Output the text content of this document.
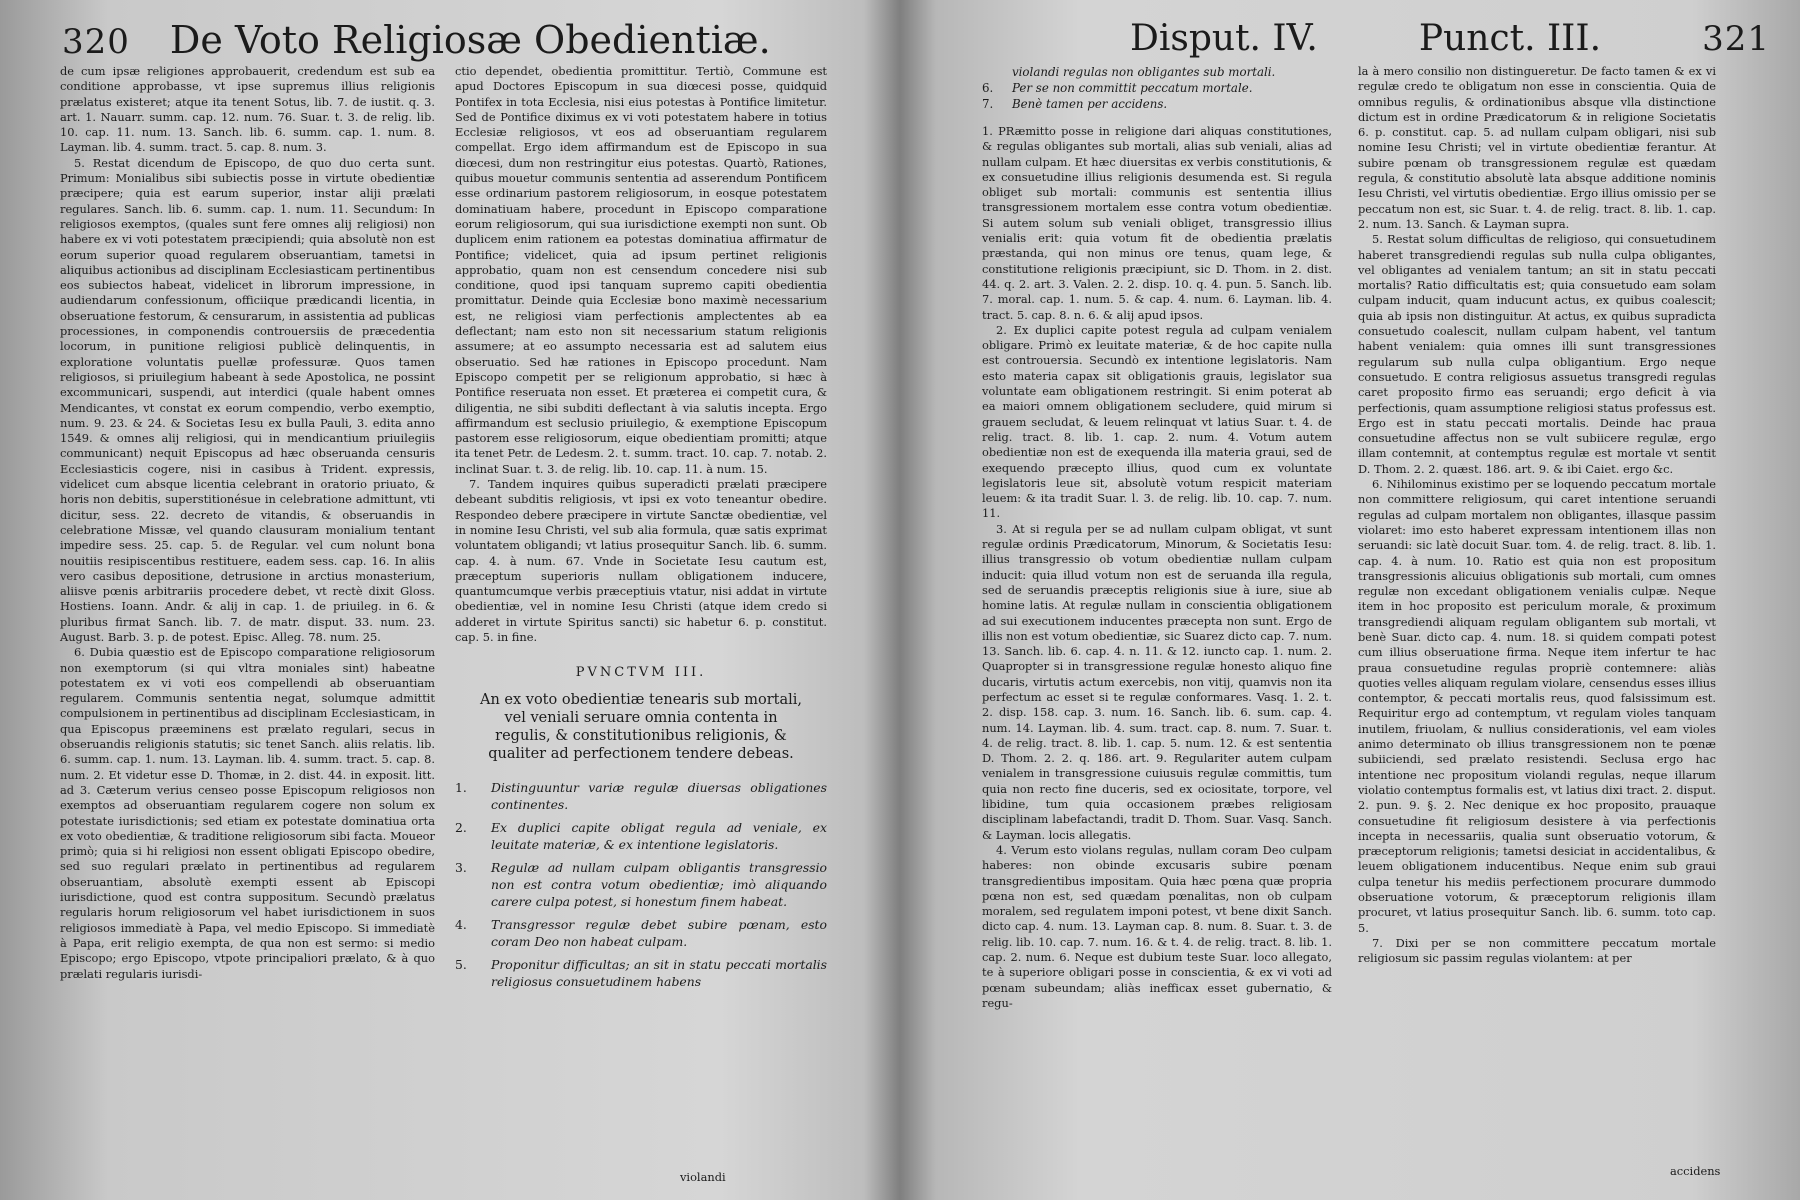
320 De Voto Religiosæ Obedientiæ.

de cum ipsæ religiones approbauerit, credendum est sub ea conditione approbasse, vt ipse supremus illius religionis prælatus existeret; atque ita tenent Sotus, lib. 7. de iustit. q. 3. art. 1. Nauarr. summ. cap. 12. num. 76. Suar. t. 3. de relig. lib. 10. cap. 11. num. 13. Sanch. lib. 6. summ. cap. 1. num. 8. Layman. lib. 4. summ. tract. 5. cap. 8. num. 3.

5. Restat dicendum de Episcopo, de quo duo certa sunt. Primum: Monialibus sibi subiectis posse in virtute obedientiæ præcipere; quia est earum superior, instar aliji prælati regulares. Sanch. lib. 6. summ. cap. 1. num. 11. Secundum: In religiosos exemptos, (quales sunt fere omnes alij religiosi) non habere ex vi voti potestatem præcipiendi; quia absolutè non est eorum superior quoad regularem obseruantiam, tametsi in aliquibus actionibus ad disciplinam Ecclesiasticam pertinentibus eos subiectos habeat, videlicet in librorum impressione, in audiendarum confessionum, officiique prædicandi licentia, in obseruatione festorum, & censurarum, in assistentia ad publicas processiones, in componendis controuersiis de præcedentia locorum, in punitione religiosi publicè delinquentis, in exploratione voluntatis puellæ professuræ. Quos tamen religiosos, si priuilegium habeant à sede Apostolica, ne possint excommunicari, suspendi, aut interdici (quale habent omnes Mendicantes, vt constat ex eorum compendio, verbo exemptio, num. 9. 23. & 24. & Societas Iesu ex bulla Pauli, 3. edita anno 1549. & omnes alij religiosi, qui in mendicantium priuilegiis communicant) nequit Episcopus ad hæc obseruanda censuris Ecclesiasticis cogere, nisi in casibus à Trident. expressis, videlicet cum absque licentia celebrant in oratorio priuato, & horis non debitis, superstitionésue in celebratione admittunt, vti dicitur, sess. 22. decreto de vitandis, & obseruandis in celebratione Missæ, vel quando clausuram monialium tentant impedire sess. 25. cap. 5. de Regular. vel cum nolunt bona nouitiis resipiscentibus restituere, eadem sess. cap. 16. In aliis vero casibus depositione, detrusione in arctius monasterium, aliisve pœnis arbitrariis procedere debet, vt rectè dixit Gloss. Hostiens. Ioann. Andr. & alij in cap. 1. de priuileg. in 6. & pluribus firmat Sanch. lib. 7. de matr. disput. 33. num. 23. August. Barb. 3. p. de potest. Episc. Alleg. 78. num. 25.

6. Dubia quæstio est de Episcopo comparatione religiosorum non exemptorum (si qui vltra moniales sint) habeatne potestatem ex vi voti eos compellendi ab obseruantiam regularem. Communis sententia negat, solumque admittit compulsionem in pertinentibus ad disciplinam Ecclesiasticam, in qua Episcopus præeminens est prælato regulari, secus in obseruandis religionis statutis; sic tenet Sanch. aliis relatis. lib. 6. summ. cap. 1. num. 13. Layman. lib. 4. summ. tract. 5. cap. 8. num. 2. Et videtur esse D. Thomæ, in 2. dist. 44. in exposit. litt. ad 3. Cæterum verius censeo posse Episcopum religiosos non exemptos ad obseruantiam regularem cogere non solum ex potestate iurisdictionis; sed etiam ex potestate dominatiua orta ex voto obedientiæ, & traditione religiosorum sibi facta. Moueor primò; quia si hi religiosi non essent obligati Episcopo obedire, sed suo regulari prælato in pertinentibus ad regularem obseruantiam, absolutè exempti essent ab Episcopi iurisdictione, quod est contra suppositum. Secundò prælatus regularis horum religiosorum vel habet iurisdictionem in suos religiosos immediatè à Papa, vel medio Episcopo. Si immediatè à Papa, erit religio exempta, de qua non est sermo: si medio Episcopo; ergo Episcopo, vtpote principaliori prælato, & à quo prælati regularis iurisdi-

ctio dependet, obedientia promittitur. Tertiò, Commune est apud Doctores Episcopum in sua diœcesi posse, quidquid Pontifex in tota Ecclesia, nisi eius potestas à Pontifice limitetur. Sed de Pontifice diximus ex vi voti potestatem habere in totius Ecclesiæ religiosos, vt eos ad obseruantiam regularem compellat. Ergo idem affirmandum est de Episcopo in sua diœcesi, dum non restringitur eius potestas. Quartò, Rationes, quibus mouetur communis sententia ad asserendum Pontificem esse ordinarium pastorem religiosorum, in eosque potestatem dominatiuam habere, procedunt in Episcopo comparatione eorum religiosorum, qui sua iurisdictione exempti non sunt. Ob duplicem enim rationem ea potestas dominatiua affirmatur de Pontifice; videlicet, quia ad ipsum pertinet religionis approbatio, quam non est censendum concedere nisi sub conditione, quod ipsi tanquam supremo capiti obedientia promittatur. Deinde quia Ecclesiæ bono maximè necessarium est, ne religiosi viam perfectionis amplectentes ab ea deflectant; nam esto non sit necessarium statum religionis assumere; at eo assumpto necessaria est ad salutem eius obseruatio. Sed hæ rationes in Episcopo procedunt. Nam Episcopo competit per se religionum approbatio, si hæc à Pontifice reseruata non esset. Et præterea ei competit cura, & diligentia, ne sibi subditi deflectant à via salutis incepta. Ergo affirmandum est seclusio priuilegio, & exemptione Episcopum pastorem esse religiosorum, eique obedientiam promitti; atque ita tenet Petr. de Ledesm. 2. t. summ. tract. 10. cap. 7. notab. 2. inclinat Suar. t. 3. de relig. lib. 10. cap. 11. à num. 15.

7. Tandem inquires quibus superadicti prælati præcipere debeant subditis religiosis, vt ipsi ex voto teneantur obedire. Respondeo debere præcipere in virtute Sanctæ obedientiæ, vel in nomine Iesu Christi, vel sub alia formula, quæ satis exprimat voluntatem obligandi; vt latius prosequitur Sanch. lib. 6. summ. cap. 4. à num. 67. Vnde in Societate Iesu cautum est, præceptum superioris nullam obligationem inducere, quantumcumque verbis præceptiuis vtatur, nisi addat in virtute obedientiæ, vel in nomine Iesu Christi (atque idem credo si adderet in virtute Spiritus sancti) sic habetur 6. p. constitut. cap. 5. in fine.

PVNCTVM III.
An ex voto obedientiæ tenearis sub mortali, vel veniali seruare omnia contenta in regulis, & constitutionibus religionis, & qualiter ad perfectionem tendere debeas.
1.	Distinguuntur variæ regulæ diuersas obligationes continentes.
2.	Ex duplici capite obligat regula ad veniale, ex leuitate materiæ, & ex intentione legislatoris.
3.	Regulæ ad nullam culpam obligantis transgressio non est contra votum obedientiæ; imò aliquando carere culpa potest, si honestum finem habeat.
4.	Transgressor regulæ debet subire pœnam, esto coram Deo non habeat culpam.
5.	Proponitur difficultas; an sit in statu peccati mortalis religiosus consuetudinem habens
violandi
Disput. IV.	Punct. III.	321
violandi regulas non obligantes sub mortali.
6.	Per se non committit peccatum mortale.
7.	Benè tamen per accidens.

1. PRæmitto posse in religione dari aliquas constitutiones, & regulas obligantes sub mortali, alias sub veniali, alias ad nullam culpam. Et hæc diuersitas ex verbis constitutionis, & ex consuetudine illius religionis desumenda est. Si regula obliget sub mortali: communis est sententia illius transgressionem mortalem esse contra votum obedientiæ. Si autem solum sub veniali obliget, transgressio illius venialis erit: quia votum fit de obedientia prælatis præstanda, qui non minus ore tenus, quam lege, & constitutione religionis præcipiunt, sic D. Thom. in 2. dist. 44. q. 2. art. 3. Valen. 2. 2. disp. 10. q. 4. pun. 5. Sanch. lib. 7. moral. cap. 1. num. 5. & cap. 4. num. 6. Layman. lib. 4. tract. 5. cap. 8. n. 6. & alij apud ipsos.

2. Ex duplici capite potest regula ad culpam venialem obligare. Primò ex leuitate materiæ, & de hoc capite nulla est controuersia. Secundò ex intentione legislatoris. Nam esto materia capax sit obligationis grauis, legislator sua voluntate eam obligationem restringit. Si enim poterat ab ea maiori omnem obligationem secludere, quid mirum si grauem secludat, & leuem relinquat vt latius Suar. t. 4. de relig. tract. 8. lib. 1. cap. 2. num. 4. Votum autem obedientiæ non est de exequenda illa materia graui, sed de exequendo præcepto illius, quod cum ex voluntate legislatoris leue sit, absolutè votum respicit materiam leuem: & ita tradit Suar. l. 3. de relig. lib. 10. cap. 7. num. 11.

3. At si regula per se ad nullam culpam obligat, vt sunt regulæ ordinis Prædicatorum, Minorum, & Societatis Iesu: illius transgressio ob votum obedientiæ nullam culpam inducit: quia illud votum non est de seruanda illa regula, sed de seruandis præceptis religionis siue à iure, siue ab homine latis. At regulæ nullam in conscientia obligationem ad sui executionem inducentes præcepta non sunt. Ergo de illis non est votum obedientiæ, sic Suarez dicto cap. 7. num. 13. Sanch. lib. 6. cap. 4. n. 11. & 12. iuncto cap. 1. num. 2. Quapropter si in transgressione regulæ honesto aliquo fine ducaris, virtutis actum exercebis, non vitij, quamvis non ita perfectum ac esset si te regulæ conformares. Vasq. 1. 2. t. 2. disp. 158. cap. 3. num. 16. Sanch. lib. 6. sum. cap. 4. num. 14. Layman. lib. 4. sum. tract. cap. 8. num. 7. Suar. t. 4. de relig. tract. 8. lib. 1. cap. 5. num. 12. & est sententia D. Thom. 2. 2. q. 186. art. 9. Regulariter autem culpam venialem in transgressione cuiusuis regulæ committis, tum quia non recto fine duceris, sed ex ociositate, torpore, vel libidine, tum quia occasionem præbes religiosam disciplinam labefactandi, tradit D. Thom. Suar. Vasq. Sanch. & Layman. locis allegatis.

4. Verum esto violans regulas, nullam coram Deo culpam haberes: non obinde excusaris subire pœnam transgredientibus impositam. Quia hæc pœna quæ propria pœna non est, sed quædam pœnalitas, non ob culpam moralem, sed regulatem imponi potest, vt bene dixit Sanch. dicto cap. 4. num. 13. Layman cap. 8. num. 8. Suar. t. 3. de relig. lib. 10. cap. 7. num. 16. & t. 4. de relig. tract. 8. lib. 1. cap. 2. num. 6. Neque est dubium teste Suar. loco allegato, te à superiore obligari posse in conscientia, & ex vi voti ad pœnam subeundam; aliàs inefficax esset gubernatio, & regu-

la à mero consilio non distingueretur. De facto tamen & ex vi regulæ credo te obligatum non esse in conscientia. Quia de omnibus regulis, & ordinationibus absque vlla distinctione dictum est in ordine Prædicatorum & in religione Societatis 6. p. constitut. cap. 5. ad nullam culpam obligari, nisi sub nomine Iesu Christi; vel in virtute obedientiæ ferantur. At subire pœnam ob transgressionem regulæ est quædam regula, & constitutio absolutè lata absque additione nominis Iesu Christi, vel virtutis obedientiæ. Ergo illius omissio per se peccatum non est, sic Suar. t. 4. de relig. tract. 8. lib. 1. cap. 2. num. 13. Sanch. & Layman supra.

5. Restat solum difficultas de religioso, qui consuetudinem haberet transgrediendi regulas sub nulla culpa obligantes, vel obligantes ad venialem tantum; an sit in statu peccati mortalis? Ratio difficultatis est; quia consuetudo eam solam culpam inducit, quam inducunt actus, ex quibus coalescit; quia ab ipsis non distinguitur. At actus, ex quibus supradicta consuetudo coalescit, nullam culpam habent, vel tantum habent venialem: quia omnes illi sunt transgressiones regularum sub nulla culpa obligantium. Ergo neque consuetudo. E contra religiosus assuetus transgredi regulas caret proposito firmo eas seruandi; ergo deficit à via perfectionis, quam assumptione religiosi status professus est. Ergo est in statu peccati mortalis. Deinde hac praua consuetudine affectus non se vult subiicere regulæ, ergo illam contemnit, at contemptus regulæ est mortale vt sentit D. Thom. 2. 2. quæst. 186. art. 9. & ibi Caiet. ergo &c.

6. Nihilominus existimo per se loquendo peccatum mortale non committere religiosum, qui caret intentione seruandi regulas ad culpam mortalem non obligantes, illasque passim violaret: imo esto haberet expressam intentionem illas non seruandi: sic latè docuit Suar. tom. 4. de relig. tract. 8. lib. 1. cap. 4. à num. 10. Ratio est quia non est propositum transgressionis alicuius obligationis sub mortali, cum omnes regulæ non excedant obligationem venialis culpæ. Neque item in hoc proposito est periculum morale, & proximum transgrediendi aliquam regulam obligantem sub mortali, vt benè Suar. dicto cap. 4. num. 18. si quidem compati potest cum illius obseruatione firma. Neque item infertur te hac praua consuetudine regulas propriè contemnere: aliàs quoties velles aliquam regulam violare, censendus esses illius contemptor, & peccati mortalis reus, quod falsissimum est. Requiritur ergo ad contemptum, vt regulam violes tanquam inutilem, friuolam, & nullius considerationis, vel eam violes animo determinato ob illius transgressionem non te pœnæ subiiciendi, sed prælato resistendi. Seclusa ergo hac intentione nec propositum violandi regulas, neque illarum violatio contemptus formalis est, vt latius dixi tract. 2. disput. 2. pun. 9. §. 2. Nec denique ex hoc proposito, prauaque consuetudine fit religiosum desistere à via perfectionis incepta in necessariis, qualia sunt obseruatio votorum, & præceptorum religionis; tametsi desiciat in accidentalibus, & leuem obligationem inducentibus. Neque enim sub graui culpa tenetur his mediis perfectionem procurare dummodo obseruatione votorum, & præceptorum religionis illam procuret, vt latius prosequitur Sanch. lib. 6. summ. toto cap. 5.

7. Dixi per se non committere peccatum mortale religiosum sic passim regulas violantem: at per

accidens
